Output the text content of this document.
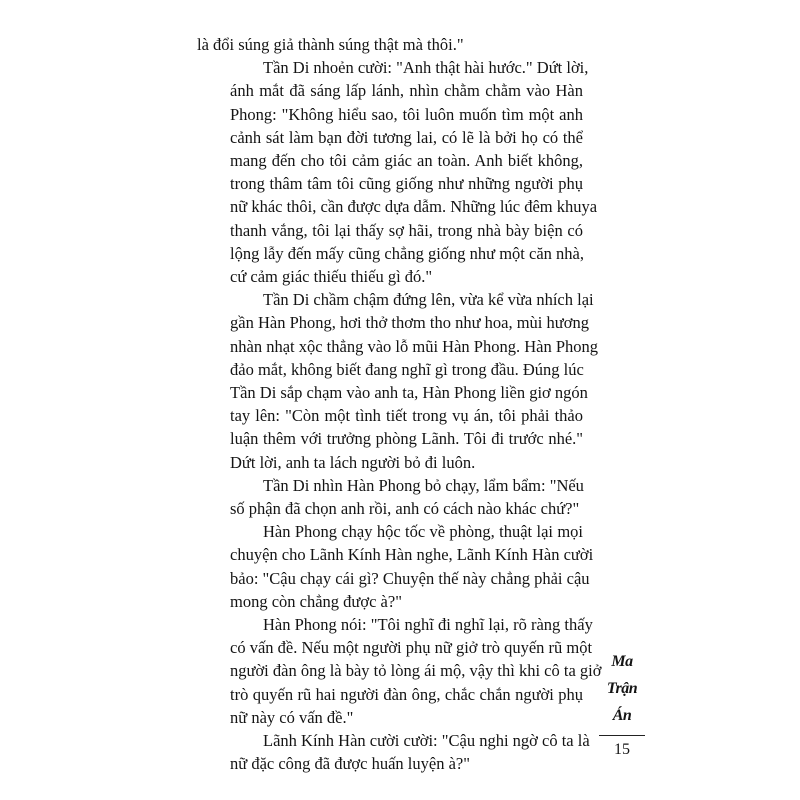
là đổi súng giả thành súng thật mà thôi."
Tần Di nhoẻn cười: "Anh thật hài hước." Dứt lời,
ánh mắt đã sáng lấp lánh, nhìn chằm chằm vào Hàn
Phong: "Không hiểu sao, tôi luôn muốn tìm một anh
cảnh sát làm bạn đời tương lai, có lẽ là bởi họ có thể
mang đến cho tôi cảm giác an toàn. Anh biết không,
trong thâm tâm tôi cũng giống như những người phụ
nữ khác thôi, cần được dựa dẫm. Những lúc đêm khuya
thanh vắng, tôi lại thấy sợ hãi, trong nhà bày biện có
lộng lẫy đến mấy cũng chẳng giống như một căn nhà,
cứ cảm giác thiếu thiếu gì đó."
Tần Di chầm chậm đứng lên, vừa kể vừa nhích lại
gần Hàn Phong, hơi thở thơm tho như hoa, mùi hương
nhàn nhạt xộc thẳng vào lỗ mũi Hàn Phong. Hàn Phong
đảo mắt, không biết đang nghĩ gì trong đầu. Đúng lúc
Tần Di sắp chạm vào anh ta, Hàn Phong liền giơ ngón
tay lên: "Còn một tình tiết trong vụ án, tôi phải thảo
luận thêm với trưởng phòng Lãnh. Tôi đi trước nhé."
Dứt lời, anh ta lách người bỏ đi luôn.
Tần Di nhìn Hàn Phong bỏ chạy, lẩm bẩm: "Nếu
số phận đã chọn anh rồi, anh có cách nào khác chứ?"
Hàn Phong chạy hộc tốc về phòng, thuật lại mọi
chuyện cho Lãnh Kính Hàn nghe, Lãnh Kính Hàn cười
bảo: "Cậu chạy cái gì? Chuyện thế này chẳng phải cậu
mong còn chẳng được à?"
Hàn Phong nói: "Tôi nghĩ đi nghĩ lại, rõ ràng thấy
có vấn đề. Nếu một người phụ nữ giở trò quyến rũ một
người đàn ông là bày tỏ lòng ái mộ, vậy thì khi cô ta giở
trò quyến rũ hai người đàn ông, chắc chắn người phụ
nữ này có vấn đề."
Lãnh Kính Hàn cười cười: "Cậu nghi ngờ cô ta là
nữ đặc công đã được huấn luyện à?"
Ma
Trận
Án
15
